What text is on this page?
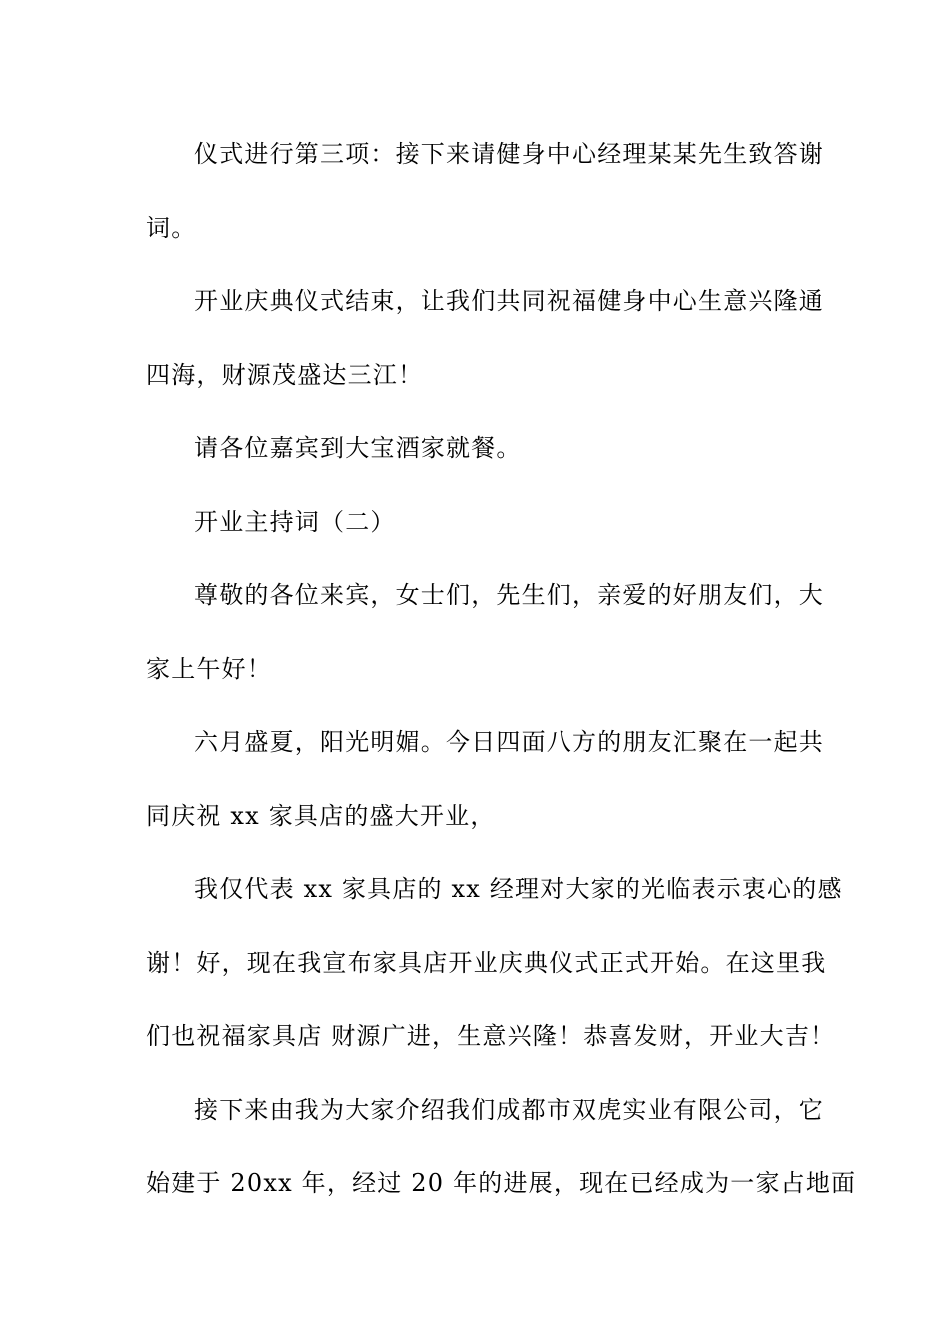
仪式进行第三项：接下来请健身中心经理某某先生致答谢
词。
开业庆典仪式结束，让我们共同祝福健身中心生意兴隆通
四海，财源茂盛达三江！
请各位嘉宾到大宝酒家就餐。
开业主持词（二）
尊敬的各位来宾，女士们，先生们，亲爱的好朋友们，大
家上午好！
六月盛夏，阳光明媚。今日四面八方的朋友汇聚在一起共
同庆祝 xx 家具店的盛大开业，
我仅代表 xx 家具店的 xx 经理对大家的光临表示衷心的感
谢！好，现在我宣布家具店开业庆典仪式正式开始。在这里我
们也祝福家具店 财源广进，生意兴隆！恭喜发财，开业大吉！
接下来由我为大家介绍我们成都市双虎实业有限公司，它
始建于 20xx 年，经过 20 年的进展，现在已经成为一家占地面
